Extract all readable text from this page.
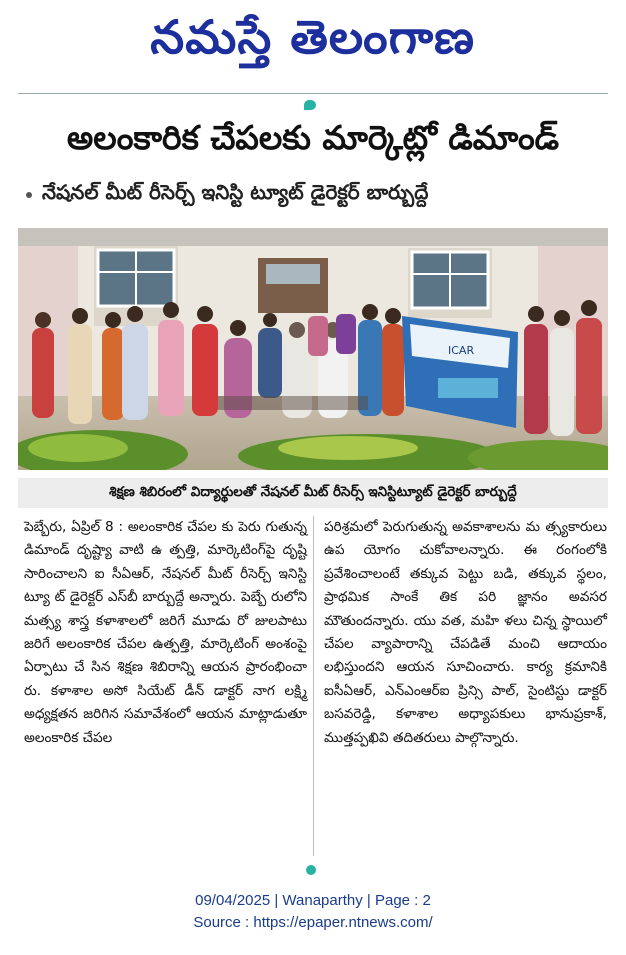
నమస్తే తెలంగాణ
అలంకారిక చేపలకు మార్కెట్లో డిమాండ్
నేషనల్ మీట్ రీసెర్చ్ ఇనిస్టి ట్యూట్ డైరెక్టర్ బార్బుద్దే
ICAR
శిక్షణ శిబిరంలో విద్యార్థులతో నేషనల్ మీట్ రీసెర్స్ ఇనిస్టిట్యూట్ డైరెక్టర్ బార్బుద్దే
పెబ్బేరు, ఏప్రిల్ 8 : అలంకారిక చేపల కు పెరు గుతున్న డిమాండ్ దృష్ట్యా వాటి ఉ త్పత్తి, మార్కెటింగ్‌పై దృష్టి సారించాలని ఐ సీఏఆర్, నేషనల్ మీట్ రీసెర్చ్ ఇనిస్టి ట్యూ ట్ డైరెక్టర్ ఎస్‌బీ బార్బుద్దే అన్నారు. పెబ్బే రులోని మత్స్య శాస్త్ర కళాశాలలో జరిగే మూడు రో జులపాటు జరిగే అలంకారిక చేపల ఉత్పత్తి, మార్కెటింగ్ అంశంపై ఏర్పాటు చే సిన శిక్షణ శిబిరాన్ని ఆయన ప్రారంభించా రు. కళాశాల అసో సియేట్ డీన్ డాక్టర్ నాగ లక్ష్మి అధ్యక్షతన జరిగిన సమావేశంలో ఆయన మాట్లాడుతూ అలంకారిక చేపల
పరిశ్రమలో పెరుగుతున్న అవకాశాలను మ త్స్యకారులు ఉప యోగం చుకోవాలన్నారు. ఈ రంగంలోకి ప్రవేశించాలంటే తక్కువ పెట్టు బడి, తక్కువ స్థలం, ప్రాథమిక సాంకే తిక పరి జ్ఞానం అవసర మౌతుందన్నారు. యు వత, మహి ళలు చిన్న స్థాయిలో చేపల వ్యాపారాన్ని చేపడితే మంచి ఆదాయం లభిస్తుందని ఆయన సూచించారు. కార్య క్రమానికి ఐసీఏఆర్, ఎన్‌ఎంఆర్ఐ ప్రిన్సి పాల్, సైంటిస్టు డాక్టర్ బసవరెడ్డి, కళాశాల అధ్యాపకులు భానుప్రకాశ్, ముత్తప్పఖివి తదితరులు పాల్గొన్నారు.
09/04/2025 | Wanaparthy | Page : 2
Source : https://epaper.ntnews.com/
